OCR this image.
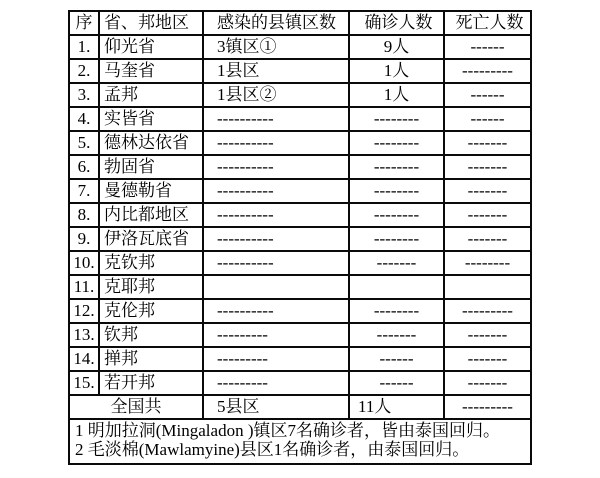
序	省、邦地区	感染的县镇区数	确诊人数	死亡人数
1.	仰光省	3镇区①	9人	------
2.	马奎省	1县区	1人	---------
3.	孟邦	1县区②	1人	------
4.	实皆省	----------	--------	------
5.	德林达依省	----------	--------	-------
6.	勃固省	----------	--------	-------
7.	曼德勒省	----------	--------	-------
8.	内比都地区	----------	--------	-------
9.	伊洛瓦底省	----------	--------	-------
10.	克钦邦	----------	-------	--------
11.	克耶邦			
12.	克伦邦	----------	--------	---------
13.	钦邦	---------	-------	-------
14.	掸邦	---------	------	-------
15.	若开邦	---------	------	-------
全国共		5县区	11人	---------

1 明加拉洞(Mingaladon )镇区7名确诊者，皆由泰国回归。
2 毛淡棉(Mawlamyine)县区1名确诊者，由泰国回归。				
